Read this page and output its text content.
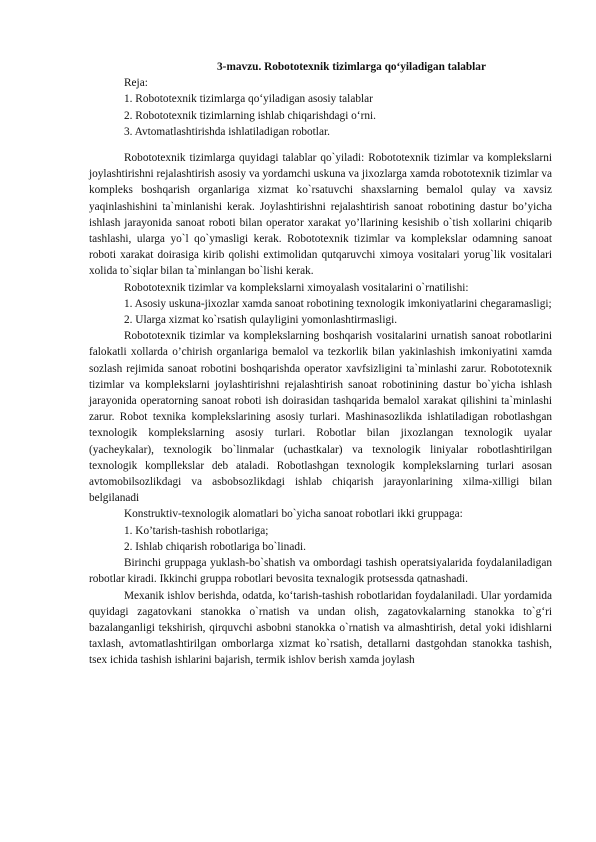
3-mavzu. Robototexnik tizimlarga qo‘yiladigan talablar

Reja:

1. Robototexnik tizimlarga qo‘yiladigan asosiy talablar

2. Robototexnik tizimlarning ishlab chiqarishdagi o‘rni.

3. Avtomatlashtirishda ishlatiladigan robotlar.

Robototexnik tizimlarga quyidagi talablar qo`yiladi: Robototexnik tizimlar va komplekslarni joylashtirishni rejalashtirish asosiy va yordamchi uskuna va jixozlarga xamda robototexnik tizimlar va kompleks boshqarish organlariga xizmat ko`rsatuvchi shaxslarning bemalol qulay va xavsiz yaqinlashishini ta`minlanishi kerak. Joylashtirishni rejalashtirish sanoat robotining dastur bo’yicha ishlash jarayonida sanoat roboti bilan operator xarakat yo’llarining kesishib o`tish xollarini chiqarib tashlashi, ularga yo`l qo`ymasligi kerak. Robototexnik tizimlar va komplekslar odamning sanoat roboti xarakat doirasiga kirib qolishi extimolidan qutqaruvchi ximoya vositalari yorug`lik vositalari xolida to`siqlar bilan ta`minlangan bo`lishi kerak.

Robototexnik tizimlar va komplekslarni ximoyalash vositalarini o`rnatilishi:

1. Asosiy uskuna-jixozlar xamda sanoat robotining texnologik imkoniyatlarini chegaramasligi;

2. Ularga xizmat ko`rsatish qulayligini yomonlashtirmasligi.

Robototexnik tizimlar va komplekslarning boshqarish vositalarini urnatish sanoat robotlarini falokatli xollarda o’chirish organlariga bemalol va tezkorlik bilan yakinlashish imkoniyatini xamda sozlash rejimida sanoat robotini boshqarishda operator xavfsizligini ta`minlashi zarur. Robototexnik tizimlar va komplekslarni joylashtirishni rejalashtirish sanoat robotinining dastur bo`yicha ishlash jarayonida operatorning sanoat roboti ish doirasidan tashqarida bemalol xarakat qilishini ta`minlashi zarur. Robot texnika komplekslarining asosiy turlari. Mashinasozlikda ishlatiladigan robotlashgan texnologik komplekslarning asosiy turlari. Robotlar bilan jixozlangan texnologik uyalar (yacheykalar), texnologik bo`linmalar (uchastkalar) va texnologik liniyalar robotlashtirilgan texnologik kompllekslar deb ataladi. Robotlashgan texnologik komplekslarning turlari asosan avtomobilsozlikdagi va asbobsozlikdagi ishlab chiqarish jarayonlarining xilma-xilligi bilan belgilanadi

Konstruktiv-texnologik alomatlari bo`yicha sanoat robotlari ikki gruppaga:

1. Ko’tarish-tashish robotlariga;

2. Ishlab chiqarish robotlariga bo`linadi.

Birinchi gruppaga yuklash-bo`shatish va ombordagi tashish operatsiyalarida foydalaniladigan robotlar kiradi. Ikkinchi gruppa robotlari bevosita texnalogik protsessda qatnashadi.

Mexanik ishlov berishda, odatda, ko‘tarish-tashish robotlaridan foydalaniladi. Ular yordamida quyidagi zagatovkani stanokka o`rnatish va undan olish, zagatovkalarning stanokka to`g‘ri bazalanganligi tekshirish, qirquvchi asbobni stanokka o`rnatish va almashtirish, detal yoki idishlarni taxlash, avtomatlashtirilgan omborlarga xizmat ko`rsatish, detallarni dastgohdan stanokka tashish, tsex ichida tashish ishlarini bajarish, termik ishlov berish xamda joylash
